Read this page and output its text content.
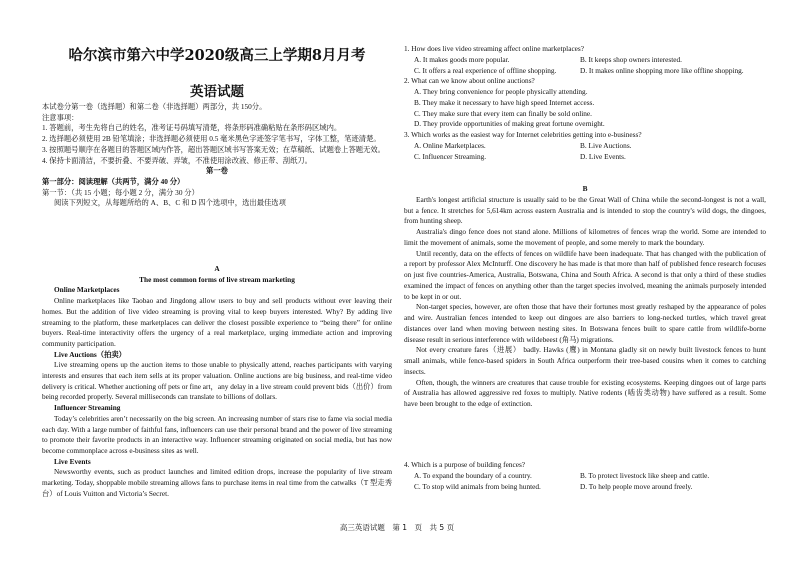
哈尔滨市第六中学2020级高三上学期8月月考
英语试题

本试卷分第一卷（选择题）和第二卷（非选择题）两部分，共 150分。

注意事项：

1. 答题前，考生先将自己的姓名，准考证号码填写清楚，将条形码准确粘贴在条形码区域内。

2. 选择题必须使用 2B 铅笔填涂；非选择题必须使用 0.5 毫米黑色字迹签字笔书写，字体工整，笔迹清楚。

3. 按照题号顺序在各题目的答题区域内作答，超出答题区域书写答案无效；在草稿纸、试题卷上答题无效。

4. 保持卡面清洁，不要折叠、不要弄破、弄皱，不准使用涂改液、修正带、刮纸刀。

第一卷

第一部分：阅读理解（共两节，满分 40 分）

第一节：（共 15 小题；每小题 2 分，满分 30 分）

阅读下列短文，从每题所给的 A、B、C 和 D 四个选项中，选出最佳选项

A

The most common forms of live stream marketing

Online Marketplaces

Online marketplaces like Taobao and Jingdong allow users to buy and sell products without ever leaving their homes. But the addition of live video streaming is proving vital to keep buyers interested. Why? By adding live streaming to the platform, these marketplaces can deliver the closest possible experience to “being there” for online buyers. Real-time interactivity offers the urgency of a real marketplace, urging immediate action and improving community participation.

Live Auctions（拍卖）

Live streaming opens up the auction items to those unable to physically attend, reaches participants with varying interests and ensures that each item sells at its proper valuation. Online auctions are big business, and real-time video delivery is critical. Whether auctioning off pets or fine art，any delay in a live stream could prevent bids（出价）from being recorded properly. Several milliseconds can translate to billions of dollars.

Influencer Streaming

Today’s celebrities aren’t necessarily on the big screen. An increasing number of stars rise to fame via social media each day. With a large number of faithful fans, influencers can use their personal brand and the power of live streaming to promote their favorite products in an interactive way. Influencer streaming originated on social media, but has now become commonplace across e-business sites as well.

Live Events

Newsworthy events, such as product launches and limited edition drops, increase the popularity of live stream marketing. Today, shoppable mobile streaming allows fans to purchase items in real time from the catwalks（T 型走秀台）of Louis Vuitton and Victoria’s Secret.

1. How does live video streaming affect online marketplaces?

A. It makes goods more popular.	B. It keeps shop owners interested.
C. It offers a real experience of offline shopping.	D. It makes online shopping more like offline shopping.

2. What can we know about online auctions?

A. They bring convenience for people physically attending.

B. They make it necessary to have high speed Internet access.

C. They make sure that every item can finally be sold online.

D. They provide opportunities of making great fortune overnight.

3. Which works as the easiest way for Internet celebrities getting into e-business?

A. Online Marketplaces.	B. Live Auctions.
C. Influencer Streaming.	D. Live Events.

B

Earth's longest artificial structure is usually said to be the Great Wall of China while the second-longest is not a wall, but a fence. It stretches for 5,614km across eastern Australia and is intended to stop the country's wild dogs, the dingoes, from hunting sheep.

Australia's dingo fence does not stand alone. Millions of kilometres of fences wrap the world. Some are intended to limit the movement of animals, some the movement of people, and some merely to mark the boundary.

Until recently, data on the effects of fences on wildlife have been inadequate. That has changed with the publication of a report by professor Alex McInturff. One discovery he has made is that more than half of published fence research focuses on just five countries-America, Australia, Botswana, China and South Africa. A second is that only a third of these studies examined the impact of fences on anything other than the target species involved, meaning the animals purposely intended to be kept in or out.

Non-target species, however, are often those that have their fortunes most greatly reshaped by the appearance of poles and wire. Australian fences intended to keep out dingoes are also barriers to long-necked turtles, which travel great distances over land when moving between nesting sites. In Botswana fences built to spare cattle from wildlife-borne disease result in serious interference with wildebeest (角马) migrations.

Not every creature fares（进展） badly. Hawks (鹰) in Montana gladly sit on newly built livestock fences to hunt small animals, while fence-based spiders in South Africa outperform their tree-based cousins when it comes to catching insects.

Often, though, the winners are creatures that cause trouble for existing ecosystems. Keeping dingoes out of large parts of Australia has allowed aggressive red foxes to multiply. Native rodents (啮齿类动物) have suffered as a result. Some have been brought to the edge of extinction.

4. Which is a purpose of building fences?

A. To expand the boundary of a country.	B. To protect livestock like sheep and cattle.
C. To stop wild animals from being hunted.	D. To help people move around freely.
高三英语试题　第 1　页　共 5 页
